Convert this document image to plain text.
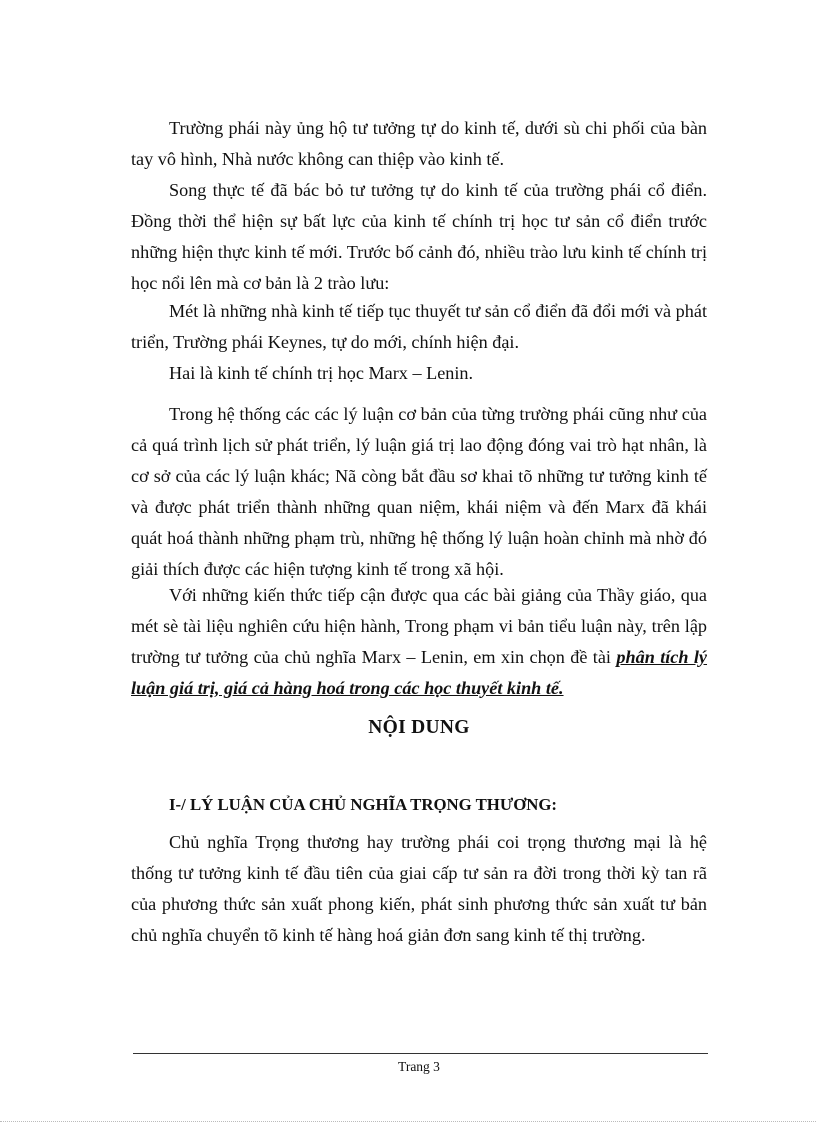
Trường phái này ủng hộ tư tưởng tự do kinh tế, dưới sù chi phối của bàn tay vô hình, Nhà nước không can thiệp vào kinh tế.

Song thực tế đã bác bỏ tư tưởng tự do kinh tế của trường phái cổ điển. Đồng thời thể hiện sự bất lực của kinh tế chính trị học tư sản cổ điển trước những hiện thực kinh tế mới. Trước bố cảnh đó, nhiều trào lưu kinh tế chính trị học nổi lên mà cơ bản là 2 trào lưu:

Mét là những nhà kinh tế tiếp tục thuyết tư sản cổ điển đã đổi mới và phát triển, Trường phái Keynes, tự do mới, chính hiện đại.

Hai là kinh tế chính trị học Marx – Lenin.

Trong hệ thống các các lý luận cơ bản của từng trường phái cũng như của cả quá trình lịch sử phát triển, lý luận giá trị lao động đóng vai trò hạt nhân, là cơ sở của các lý luận khác; Nã còng bắt đầu sơ khai tõ những tư tưởng kinh tế và được phát triển thành những quan niệm, khái niệm và đến Marx đã khái quát hoá thành những phạm trù, những hệ thống lý luận hoàn chỉnh mà nhờ đó giải thích được các hiện tượng kinh tế trong xã hội.

Với những kiến thức tiếp cận được qua các bài giảng của Thầy giáo, qua mét sè tài liệu nghiên cứu hiện hành, Trong phạm vi bản tiểu luận này, trên lập trường tư tưởng của chủ nghĩa Marx – Lenin, em xin chọn đề tài phân tích lý luận giá trị, giá cả hàng hoá trong các học thuyết kinh tế.

NỘI DUNG
I-/ LÝ LUẬN CỦA CHỦ NGHĨA TRỌNG THƯƠNG:

Chủ nghĩa Trọng thương hay trường phái coi trọng thương mại là hệ thống tư tưởng kinh tế đầu tiên của giai cấp tư sản ra đời trong thời kỳ tan rã của phương thức sản xuất phong kiến, phát sinh phương thức sản xuất tư bản chủ nghĩa chuyển tõ kinh tế hàng hoá giản đơn sang kinh tế thị trường.

Trang 3
